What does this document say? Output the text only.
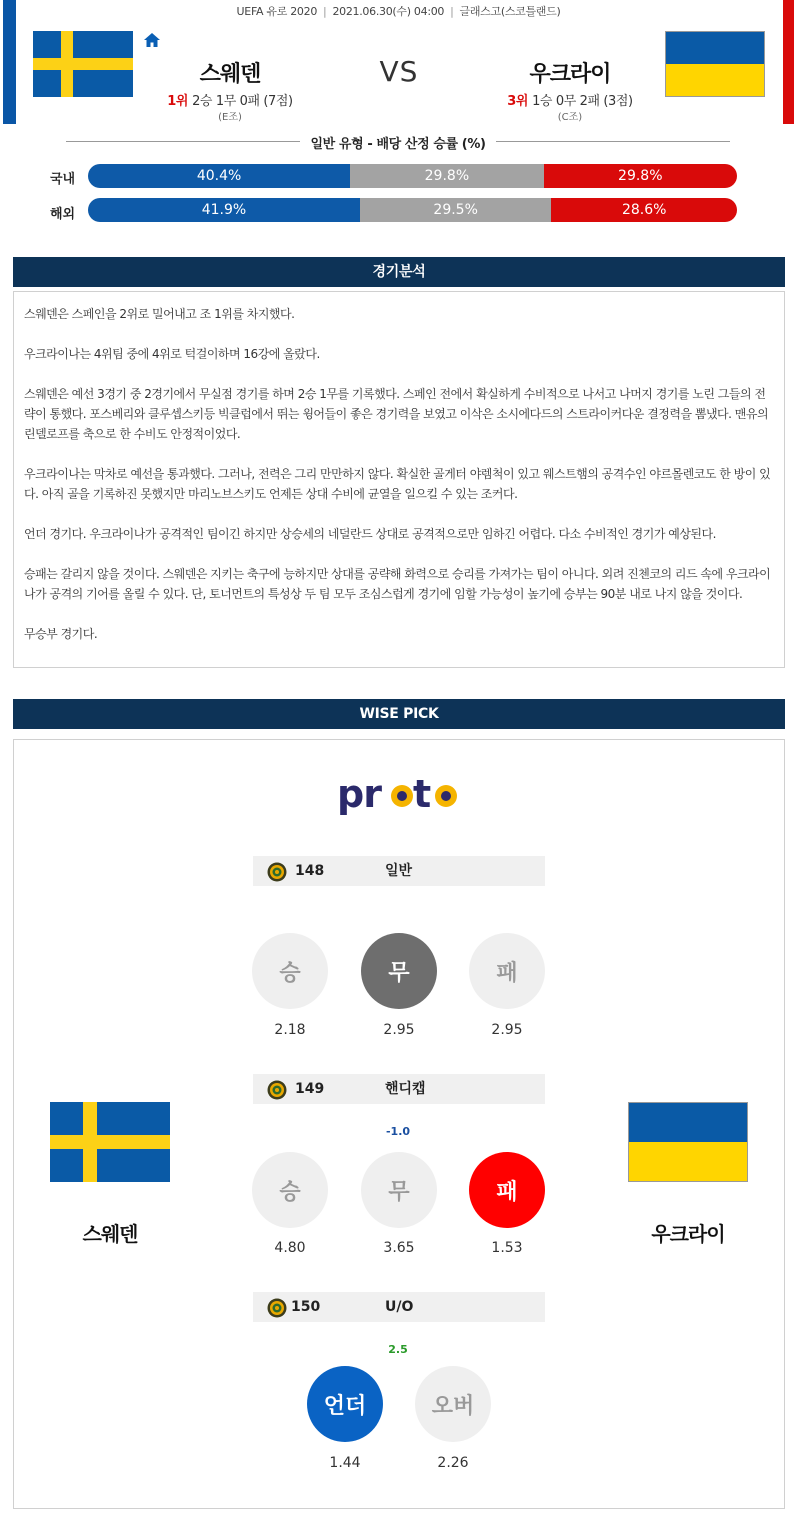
UEFA 유로 2020 | 2021.06.30(수) 04:00 | 글래스고(스코틀랜드)
스웨덴	VS	우크라이
1위 2승 1무 0패 (7점)
(E조)
3위 1승 0무 2패 (3점)
(C조)
일반 유형 - 배당 산정 승률 (%)
국내	40.4%	29.8%	29.8%
해외	41.9%	29.5%	28.6%
경기분석

스웨덴은 스페인을 2위로 밀어내고 조 1위를 차지했다.

우크라이나는 4위팀 중에 4위로 턱걸이하며 16강에 올랐다.

스웨덴은 예선 3경기 중 2경기에서 무실점 경기를 하며 2승 1무를 기록했다. 스페인 전에서 확실하게 수비적으로 나서고 나머지 경기를 노린 그들의 전략이 통했다. 포스베리와 클루셉스키등 빅클럽에서 뛰는 윙어들이 좋은 경기력을 보였고 이삭은 소시에다드의 스트라이커다운 결정력을 뽐냈다. 맨유의 린델로프를 축으로 한 수비도 안정적이었다.

우크라이나는 막차로 예선을 통과했다. 그러나, 전력은 그리 만만하지 않다. 확실한 골게터 야렘척이 있고 웨스트햄의 공격수인 야르몰렌코도 한 방이 있다. 아직 골을 기록하진 못했지만 마리노브스키도 언제든 상대 수비에 균열을 일으킬 수 있는 조커다.

언더 경기다. 우크라이나가 공격적인 팀이긴 하지만 상승세의 네덜란드 상대로 공격적으로만 임하긴 어렵다. 다소 수비적인 경기가 예상된다.

승패는 갈리지 않을 것이다. 스웨덴은 지키는 축구에 능하지만 상대를 공략해 화력으로 승리를 가져가는 팀이 아니다. 외려 진첸코의 리드 속에 우크라이나가 공격의 기어를 올릴 수 있다. 단, 토너먼트의 특성상 두 팀 모두 조심스럽게 경기에 임할 가능성이 높기에 승부는 90분 내로 나지 않을 것이다.

무승부 경기다.

WISE PICK
pr t
148	일반
승	무	패
2.18	2.95	2.95
149	핸디캡
-1.0
승	무	패
4.80	3.65	1.53
150	U/O
2.5
언더	오버
1.44	2.26
스웨덴	우크라이
